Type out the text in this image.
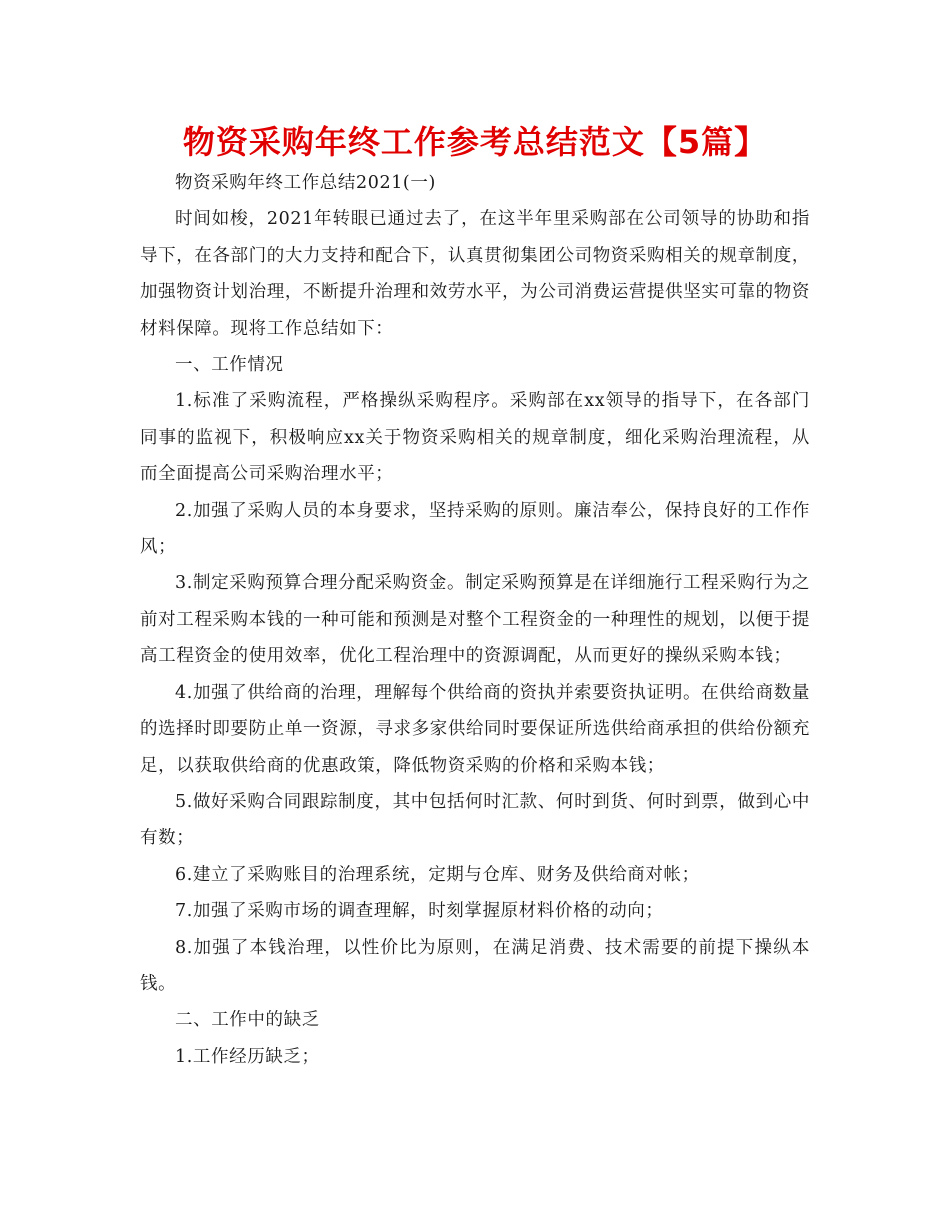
物资采购年终工作参考总结范文【5篇】

物资采购年终工作总结2021(一)

时间如梭，2021年转眼已通过去了，在这半年里采购部在公司领导的协助和指导下，在各部门的大力支持和配合下，认真贯彻集团公司物资采购相关的规章制度，加强物资计划治理，不断提升治理和效劳水平，为公司消费运营提供坚实可靠的物资材料保障。现将工作总结如下：

一、工作情况

1.标准了采购流程，严格操纵采购程序。采购部在xx领导的指导下，在各部门同事的监视下，积极响应xx关于物资采购相关的规章制度，细化采购治理流程，从而全面提高公司采购治理水平；

2.加强了采购人员的本身要求，坚持采购的原则。廉洁奉公，保持良好的工作作风；

3.制定采购预算合理分配采购资金。制定采购预算是在详细施行工程采购行为之前对工程采购本钱的一种可能和预测是对整个工程资金的一种理性的规划，以便于提高工程资金的使用效率，优化工程治理中的资源调配，从而更好的操纵采购本钱；

4.加强了供给商的治理，理解每个供给商的资执并索要资执证明。在供给商数量的选择时即要防止单一资源，寻求多家供给同时要保证所选供给商承担的供给份额充足，以获取供给商的优惠政策，降低物资采购的价格和采购本钱；

5.做好采购合同跟踪制度，其中包括何时汇款、何时到货、何时到票，做到心中有数；

6.建立了采购账目的治理系统，定期与仓库、财务及供给商对帐；

7.加强了采购市场的调查理解，时刻掌握原材料价格的动向；

8.加强了本钱治理，以性价比为原则，在满足消费、技术需要的前提下操纵本钱。

二、工作中的缺乏

1.工作经历缺乏；
